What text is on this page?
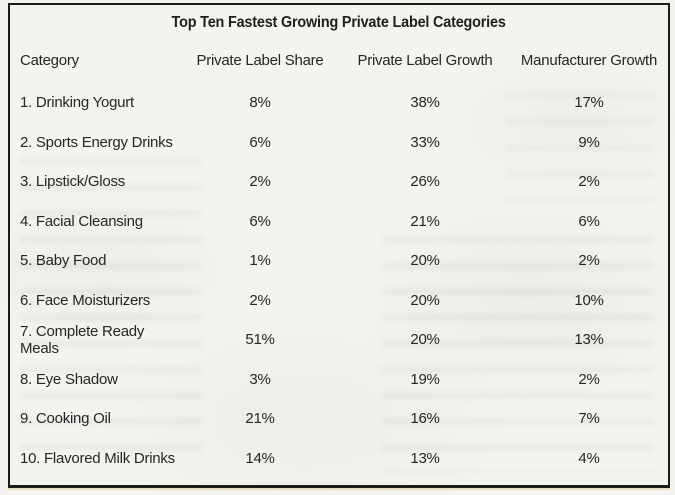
Top Ten Fastest Growing Private Label Categories
Category	Private Label Share	Private Label Growth	Manufacturer Growth
1. Drinking Yogurt	8%	38%	17%
2. Sports Energy Drinks	6%	33%	9%
3. Lipstick/Gloss	2%	26%	2%
4. Facial Cleansing	6%	21%	6%
5. Baby Food	1%	20%	2%
6. Face Moisturizers	2%	20%	10%
7. Complete Ready Meals	51%	20%	13%
8. Eye Shadow	3%	19%	2%
9. Cooking Oil	21%	16%	7%
10. Flavored Milk Drinks	14%	13%	4%
